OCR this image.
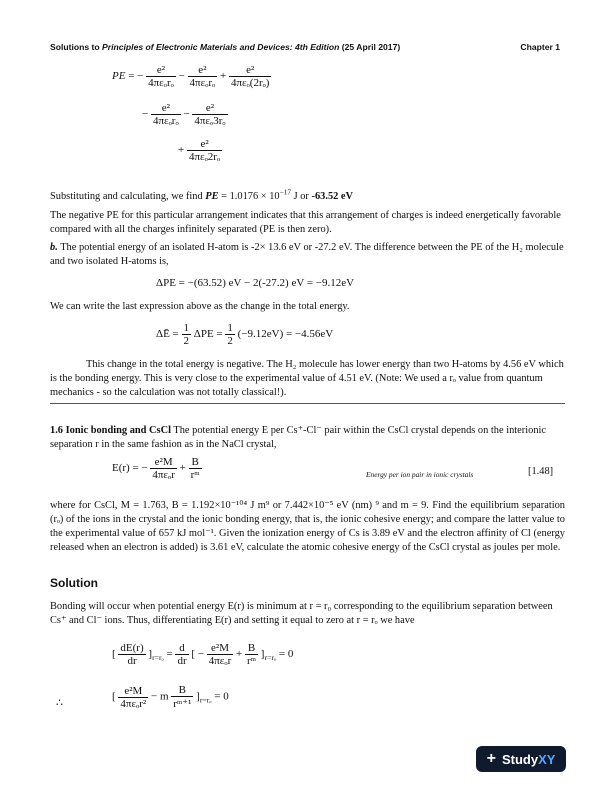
Solutions to Principles of Electronic Materials and Devices: 4th Edition (25 April 2017)	Chapter 1
PE = − $\frac{\text{e²}}{\text{4πεₒrₒ}} - \frac{\text{e²}}{\text{4πεₒrₒ}} + \frac{\text{e²}}{\text{4πεₒ(2rₒ)}}$
− $\frac{\text{e²}}{\text{4πεₒrₒ}} - \frac{\text{e²}}{\text{4πεₒ3rₒ}}$
+ $\frac{\text{e²}}{\text{4πεₒ2rₒ}}$
Substituting and calculating, we find PE = $1.0176 \times 10^{-17}$ J or -63.52 eV
The negative PE for this particular arrangement indicates that this arrangement of charges is indeed energetically favorable compared with all the charges infinitely separated (PE is then zero).
b. The potential energy of an isolated H-atom is -2× 13.6 eV or -27.2 eV. The difference between the PE of the H₂ molecule and two isolated H-atoms is,
ΔPE = −(63.52) eV − 2(-27.2) eV = −9.12eV
We can write the last expression above as the change in the total energy.
ΔĒ = $\frac{1}{2}$ $\Delta PE = \frac{1}{2} (-9.12eV) = -4.56eV$
This change in the total energy is negative. The H₂ molecule has lower energy than two H-atoms by 4.56 eV which is the bonding energy. This is very close to the experimental value of 4.51 eV. (Note: We used a rₒ value from quantum mechanics - so the calculation was not totally classical!).
1.6 Ionic bonding and CsCl The potential energy E per Cs⁺-Cl⁻ pair within the CsCl crystal depends on the interionic separation r in the same fashion as in the NaCl crystal,
E(r) = − $\frac{\text{e²M}}{\text{4πεₒr}} + \frac{B}{\text{rᵐ}}$	Energy per ion pair in ionic crystals	[1.48]
where for CsCl, M = 1.763, B = 1.192×10⁻¹⁰⁴ J m⁹ or 7.442×10⁻⁵ eV (nm) ⁹ and m = 9. Find the equilibrium separation (rₒ) of the ions in the crystal and the ionic bonding energy, that is, the ionic cohesive energy; and compare the latter value to the experimental value of 657 kJ mol⁻¹. Given the ionization energy of Cs is 3.89 eV and the electron affinity of Cl (energy released when an electron is added) is 3.61 eV, calculate the atomic cohesive energy of the CsCl crystal as joules per mole.
Solution
Bonding will occur when potential energy E(r) is minimum at r = r₀ corresponding to the equilibrium separation between Cs⁺ and Cl⁻ ions. Thus, differentiating E(r) and setting it equal to zero at r = rₒ we have
[ $\frac{dE(r)}{dr} ]_{r=r_o} = \frac{d}{dr}$ [ − $\frac{\text{e²M}}{\text{4πεₒr}} + \frac{B}{\text{rᵐ}} ]_{r=r_o} = 0$
∴
[ $\frac{\text{e²M}}{\text{4πεₒr²}} - m \frac{B}{\text{rᵐ⁺¹}} ]_{r=r_o} = 0$
+ StudyXY
